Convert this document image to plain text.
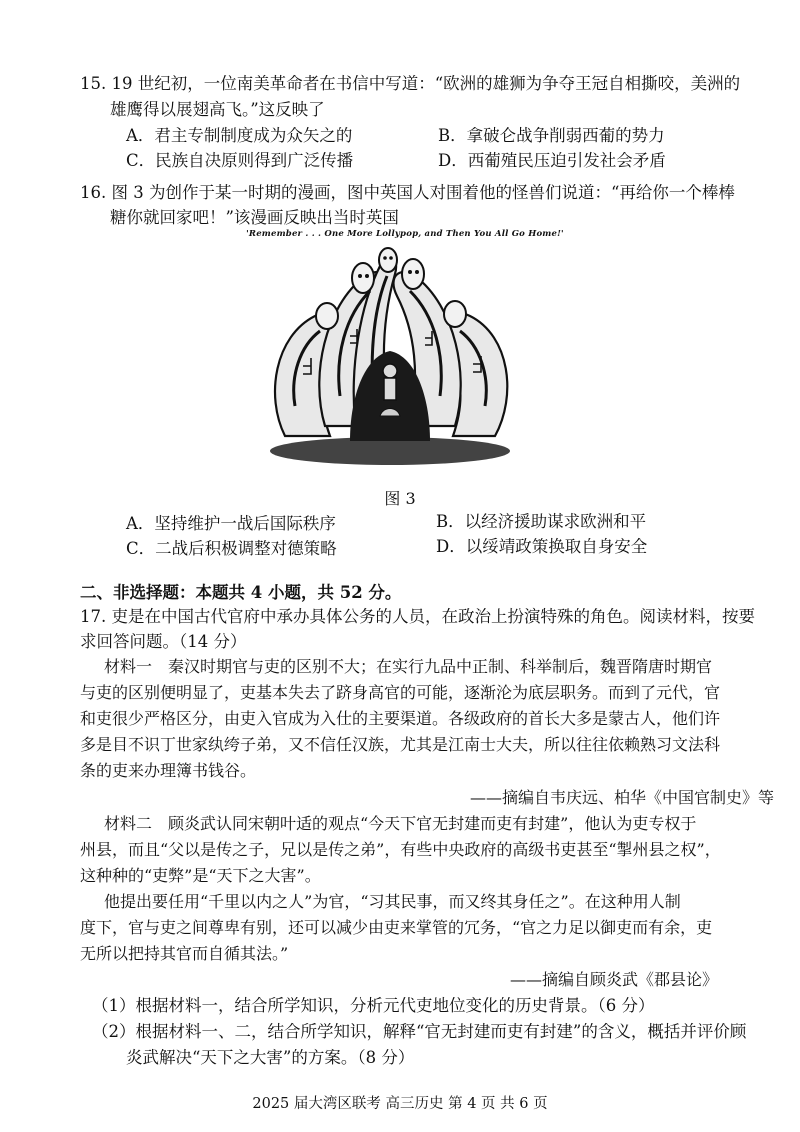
15. 19 世纪初，一位南美革命者在书信中写道：“欧洲的雄狮为争夺王冠自相撕咬，美洲的
雄鹰得以展翅高飞。”这反映了
A．君主专制制度成为众矢之的	B．拿破仑战争削弱西葡的势力
C．民族自决原则得到广泛传播	D．西葡殖民压迫引发社会矛盾
16. 图 3 为创作于某一时期的漫画，图中英国人对围着他的怪兽们说道：“再给你一个棒棒
糖你就回家吧！”该漫画反映出当时英国
'Remember . . . One More Lollypop, and Then You All Go Home!'
图 3
A．坚持维护一战后国际秩序	B．以经济援助谋求欧洲和平
C．二战后积极调整对德策略	D．以绥靖政策换取自身安全
二、非选择题：本题共 4 小题，共 52 分。
17. 吏是在中国古代官府中承办具体公务的人员，在政治上扮演特殊的角色。阅读材料，按要
求回答问题。（14 分）
材料一　秦汉时期官与吏的区别不大；在实行九品中正制、科举制后，魏晋隋唐时期官
与吏的区别便明显了，吏基本失去了跻身高官的可能，逐渐沦为底层职务。而到了元代，官
和吏很少严格区分，由吏入官成为入仕的主要渠道。各级政府的首长大多是蒙古人，他们许
多是目不识丁世家纨绔子弟，又不信任汉族，尤其是江南士大夫，所以往往依赖熟习文法科
条的吏来办理簿书钱谷。
——摘编自韦庆远、柏华《中国官制史》等
材料二　顾炎武认同宋朝叶适的观点“今天下官无封建而吏有封建”，他认为吏专权于
州县，而且“父以是传之子，兄以是传之弟”，有些中央政府的高级书吏甚至“掣州县之权”，
这种种的“吏弊”是“天下之大害”。
他提出要任用“千里以内之人”为官，“习其民事，而又终其身任之”。在这种用人制
度下，官与吏之间尊卑有别，还可以减少由吏来掌管的冗务，“官之力足以御吏而有余，吏
无所以把持其官而自循其法。”
——摘编自顾炎武《郡县论》
（1）根据材料一，结合所学知识，分析元代吏地位变化的历史背景。（6 分）
（2）根据材料一、二，结合所学知识，解释“官无封建而吏有封建”的含义，概括并评价顾
炎武解决“天下之大害”的方案。（8 分）
2025 届大湾区联考 高三历史 第 4 页 共 6 页
